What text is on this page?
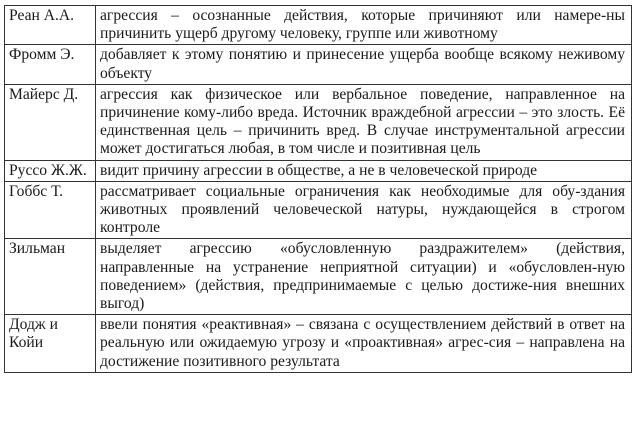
Реан А.А.	агрессия – осознанные действия, которые причиняют или намере-ны причинить ущерб другому человеку, группе или животному
Фромм Э.	добавляет к этому понятию и принесение ущерба вообще всякому неживому объекту
Майерс Д.	агрессия как физическое или вербальное поведение, направленное на причинение кому-либо вреда. Источник враждебной агрессии – это злость. Её единственная цель – причинить вред. В случае инструментальной агрессии может достигаться любая, в том числе и позитивная цель
Руссо Ж.Ж.	видит причину агрессии в обществе, а не в человеческой природе
Гоббс Т.	рассматривает социальные ограничения как необходимые для обу-здания животных проявлений человеческой натуры, нуждающейся в строгом контроле
Зильман	выделяет агрессию «обусловленную раздражителем» (действия, направленные на устранение неприятной ситуации) и «обусловлен-ную поведением» (действия, предпринимаемые с целью достиже-ния внешних выгод)
Додж и Койи	ввели понятия «реактивная» – связана с осуществлением действий в ответ на реальную или ожидаемую угрозу и «проактивная» агрес-сия – направлена на достижение позитивного результата
